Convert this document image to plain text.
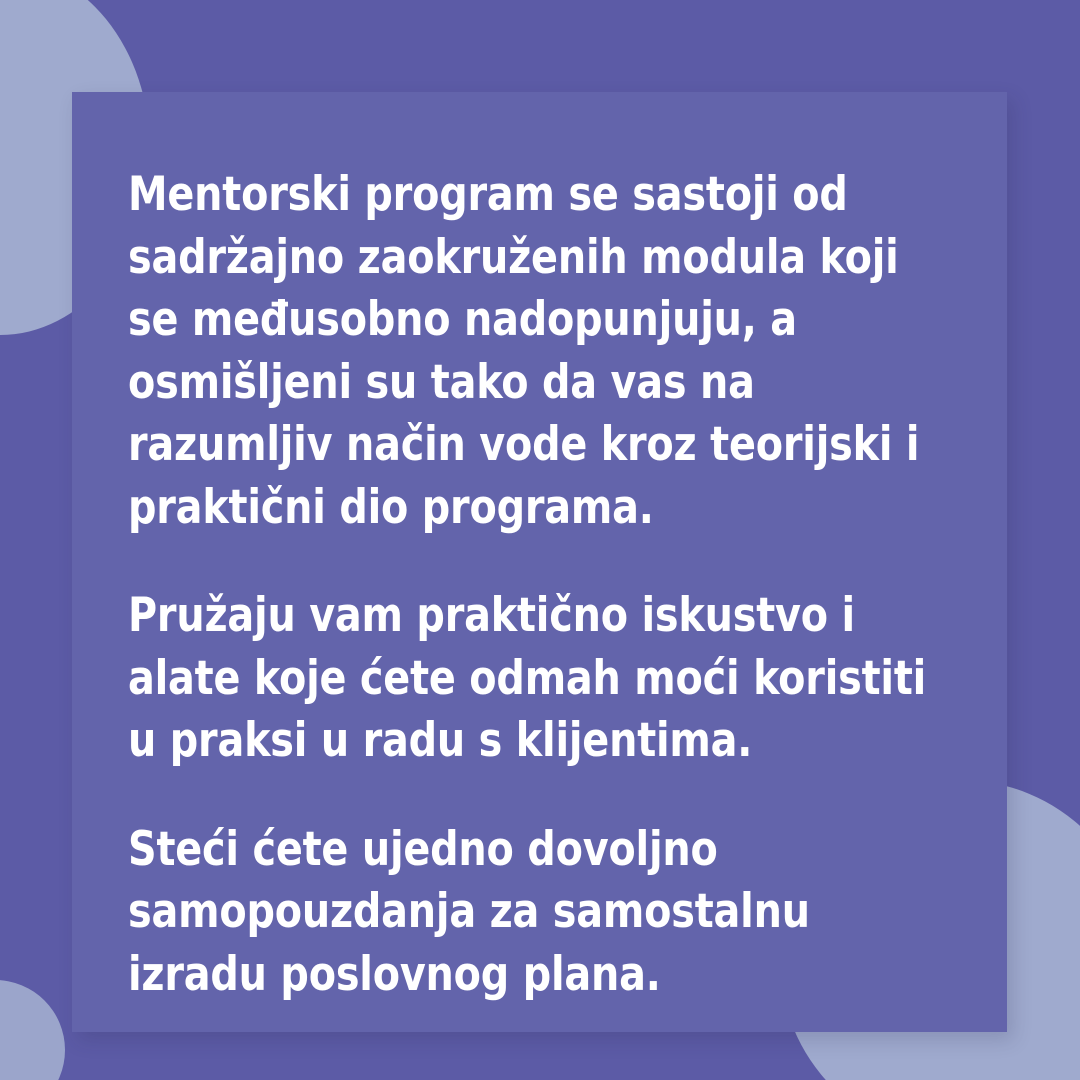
Mentorski program se sastoji od sadržajno zaokruženih modula koji se međusobno nadopunjuju, a osmišljeni su tako da vas na razumljiv način vode kroz teorijski i praktični dio programa.

Pružaju vam praktično iskustvo i alate koje ćete odmah moći koristiti u praksi u radu s klijentima.

Steći ćete ujedno dovoljno samopouzdanja za samostalnu izradu poslovnog plana.
